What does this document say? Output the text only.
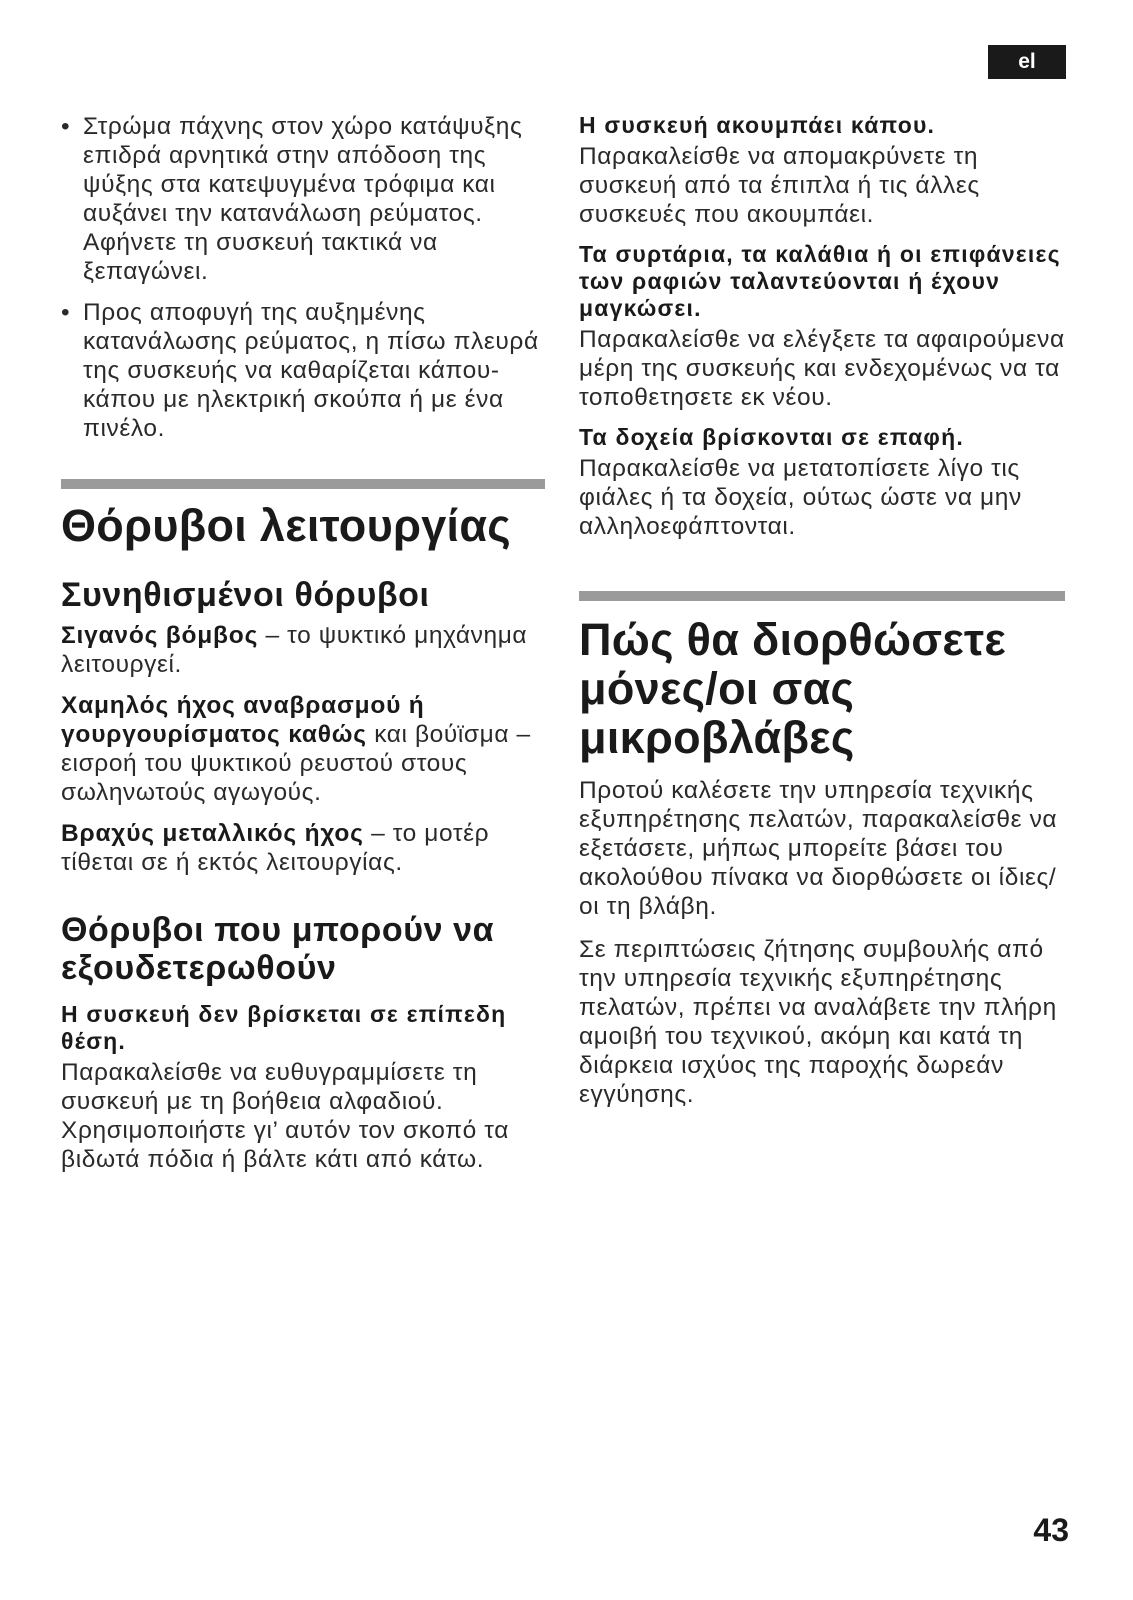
el
• Στρώμα πάχνης στον χώρο κατάψυξης επιδρά αρνητικά στην απόδοση της ψύξης στα κατεψυγμένα τρόφιμα και αυξάνει την κατανάλωση ρεύματος. Αφήνετε τη συσκευή τακτικά να ξεπαγώνει.
• Προς αποφυγή της αυξημένης κατανάλωσης ρεύματος, η πίσω πλευρά της συσκευής να καθαρίζεται κάπου-κάπου με ηλεκτρική σκούπα ή με ένα πινέλο.
Θόρυβοι λειτουργίας
Συνηθισμένοι θόρυβοι

Σιγανός βόμβος – το ψυκτικό μηχάνημα λειτουργεί.

Χαμηλός ήχος αναβρασμού ή γουργουρίσματος καθώς και βούϊσμα – εισροή του ψυκτικού ρευστού στους σωληνωτούς αγωγούς.

Βραχύς μεταλλικός ήχος – το μοτέρ τίθεται σε ή εκτός λειτουργίας.

Θόρυβοι που μπορούν να εξουδετερωθούν

Η συσκευή δεν βρίσκεται σε επίπεδη θέση.

Παρακαλείσθε να ευθυγραμμίσετε τη συσκευή με τη βοήθεια αλφαδιού. Χρησιμοποιήστε γι’ αυτόν τον σκοπό τα βιδωτά πόδια ή βάλτε κάτι από κάτω.

Η συσκευή ακουμπάει κάπου.

Παρακαλείσθε να απομακρύνετε τη συσκευή από τα έπιπλα ή τις άλλες συσκευές που ακουμπάει.

Τα συρτάρια, τα καλάθια ή οι επιφάνειες των ραφιών ταλαντεύονται ή έχουν μαγκώσει.

Παρακαλείσθε να ελέγξετε τα αφαιρούμενα μέρη της συσκευής και ενδεχομένως να τα τοποθετησετε εκ νέου.

Τα δοχεία βρίσκονται σε επαφή.

Παρακαλείσθε να μετατοπίσετε λίγο τις φιάλες ή τα δοχεία, ούτως ώστε να μην αλληλοεφάπτονται.

Πώς θα διορθώσετε μόνες/οι σας μικροβλάβες

Προτού καλέσετε την υπηρεσία τεχνικής εξυπηρέτησης πελατών, παρακαλείσθε να εξετάσετε, μήπως μπορείτε βάσει του ακολούθου πίνακα να διορθώσετε οι ίδιες/οι τη βλάβη.

Σε περιπτώσεις ζήτησης συμβουλής από την υπηρεσία τεχνικής εξυπηρέτησης πελατών, πρέπει να αναλάβετε την πλήρη αμοιβή του τεχνικού, ακόμη και κατά τη διάρκεια ισχύος της παροχής δωρεάν εγγύησης.

43
